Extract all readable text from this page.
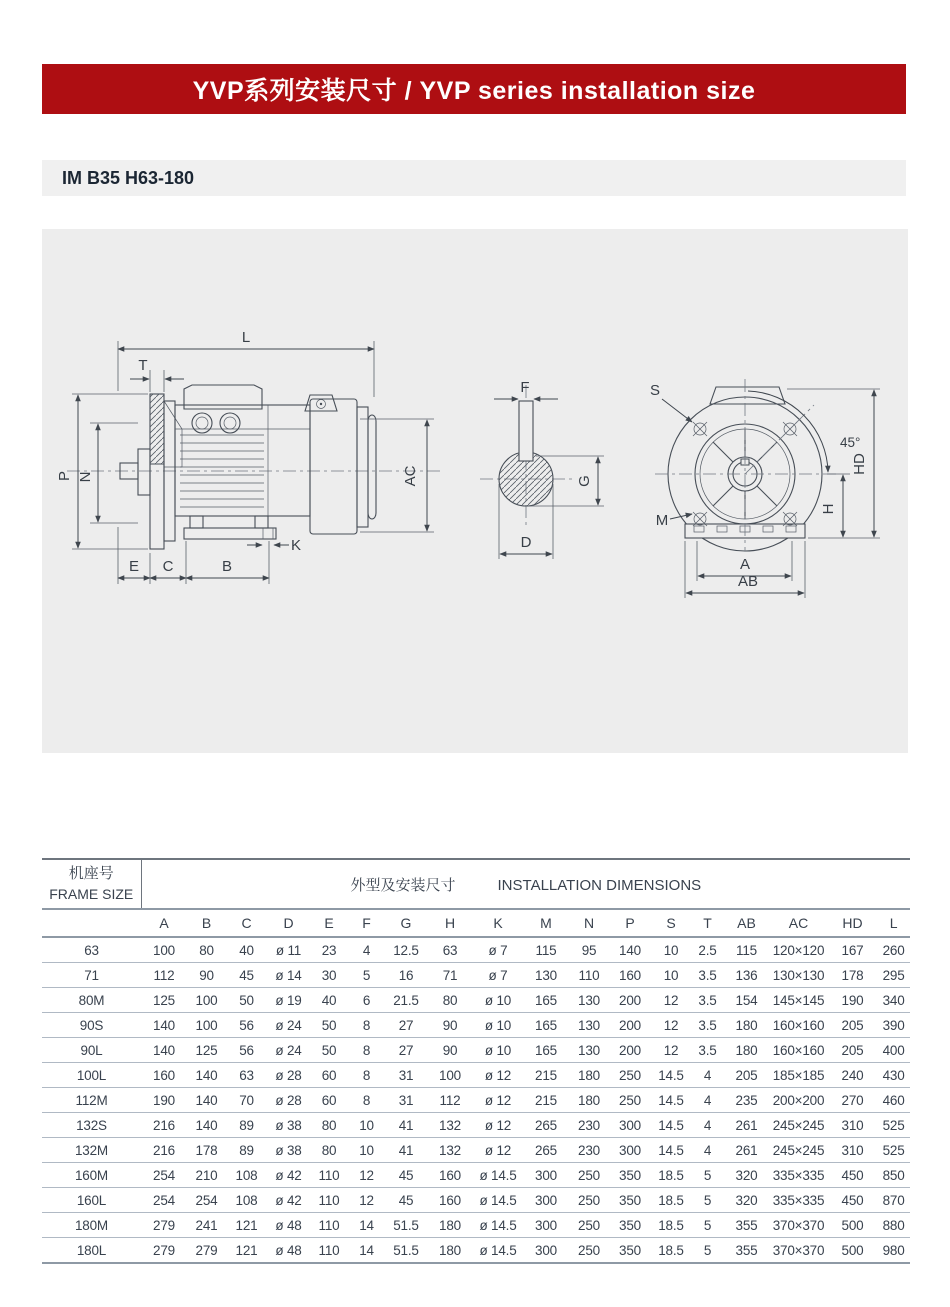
YVP系列安装尺寸 / YVP series installation size
IM B35 H63-180
L
T
P N
K
E C	B
AC
F
G
D
S
M
45°
HD
H
A
AB
机座号
FRAME SIZE	外型及安装尺寸 INSTALLATION DIMENSIONS																	
	A	B	C	D	E	F	G	H	K	M	N	P	S	T	AB	AC	HD	L
63	100	80	40	ø 11	23	4	12.5	63	ø 7	115	95	140	10	2.5	115	120×120	167	260
71	112	90	45	ø 14	30	5	16	71	ø 7	130	110	160	10	3.5	136	130×130	178	295
80M	125	100	50	ø 19	40	6	21.5	80	ø 10	165	130	200	12	3.5	154	145×145	190	340
90S	140	100	56	ø 24	50	8	27	90	ø 10	165	130	200	12	3.5	180	160×160	205	390
90L	140	125	56	ø 24	50	8	27	90	ø 10	165	130	200	12	3.5	180	160×160	205	400
100L	160	140	63	ø 28	60	8	31	100	ø 12	215	180	250	14.5	4	205	185×185	240	430
112M	190	140	70	ø 28	60	8	31	112	ø 12	215	180	250	14.5	4	235	200×200	270	460
132S	216	140	89	ø 38	80	10	41	132	ø 12	265	230	300	14.5	4	261	245×245	310	525
132M	216	178	89	ø 38	80	10	41	132	ø 12	265	230	300	14.5	4	261	245×245	310	525
160M	254	210	108	ø 42	110	12	45	160	ø 14.5	300	250	350	18.5	5	320	335×335	450	850
160L	254	254	108	ø 42	110	12	45	160	ø 14.5	300	250	350	18.5	5	320	335×335	450	870
180M	279	241	121	ø 48	110	14	51.5	180	ø 14.5	300	250	350	18.5	5	355	370×370	500	880
180L	279	279	121	ø 48	110	14	51.5	180	ø 14.5	300	250	350	18.5	5	355	370×370	500	980
